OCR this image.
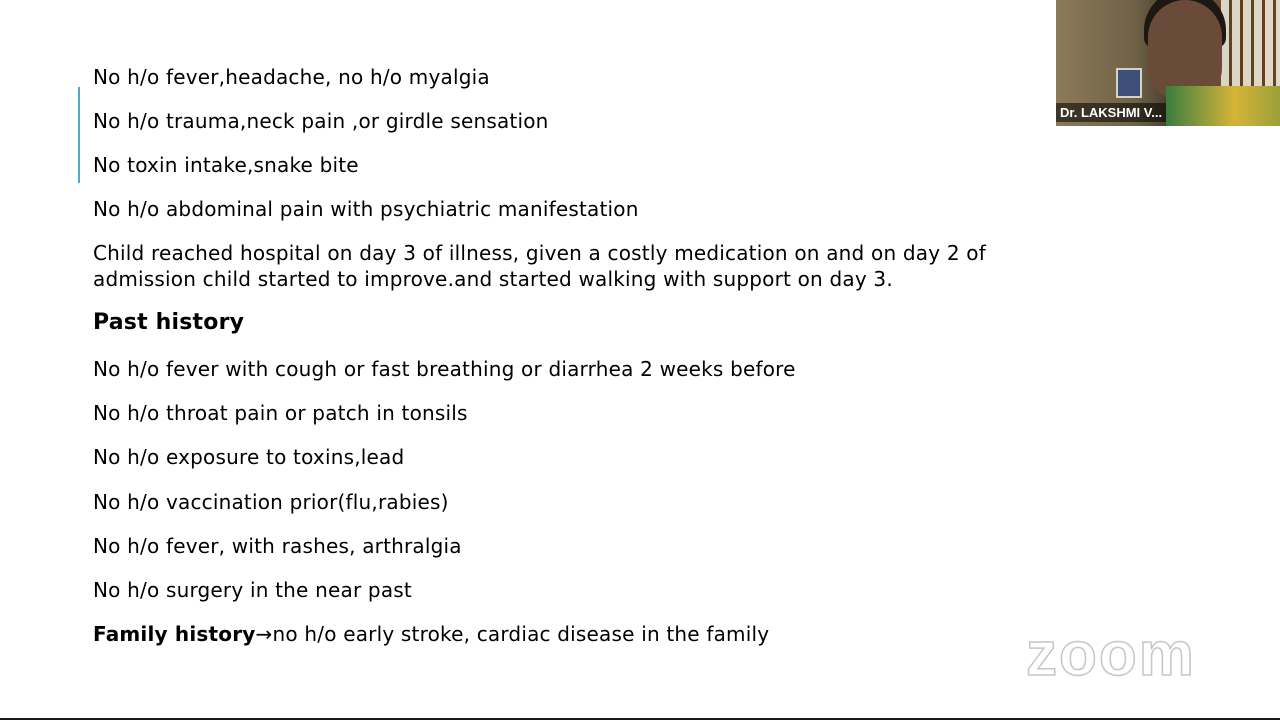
No h/o fever,headache, no h/o myalgia
No h/o trauma,neck pain ,or girdle sensation
No toxin intake,snake bite
No h/o abdominal pain with psychiatric manifestation
Child reached hospital on day 3 of illness, given a costly medication on and on day 2 of admission child started to improve.and started walking with support on day 3.
Past history
No h/o fever with cough or fast breathing or diarrhea 2 weeks before
No h/o throat pain or patch in tonsils
No h/o exposure to toxins,lead
No h/o vaccination prior(flu,rabies)
No h/o fever, with rashes, arthralgia
No h/o surgery in the near past
Family history→no h/o early stroke, cardiac disease in the family
Dr. LAKSHMI V...
zoom
